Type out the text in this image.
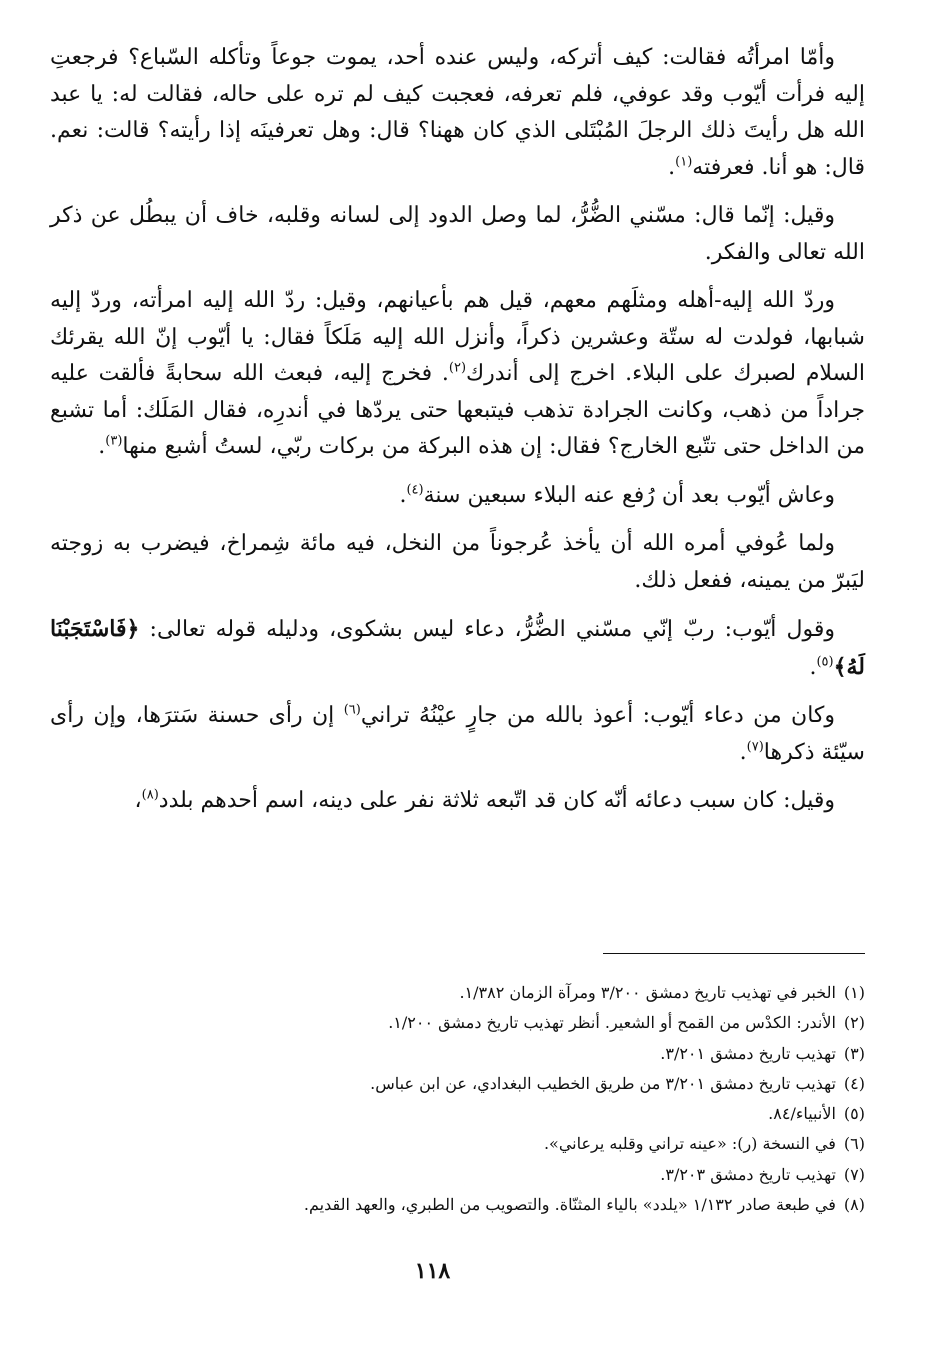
وأمّا امرأتُه فقالت: كيف أتركه، وليس عنده أحد، يموت جوعاً وتأكله السّباع؟ فرجعتِ إليه فرأت أيّوب وقد عوفي، فلم تعرفه، فعجبت كيف لم تره على حاله، فقالت له: يا عبد الله هل رأيتَ ذلك الرجلَ المُبْتَلى الذي كان ههنا؟ قال: وهل تعرفينَه إذا رأيته؟ قالت: نعم. قال: هو أنا. فعرفته$^{(١)}$.

وقيل: إنّما قال: مسّني الضُّرُّ، لما وصل الدود إلى لسانه وقلبه، خاف أن يبطُل عن ذكر الله تعالى والفكر.

وردّ الله إليه-أهله ومثلَهم معهم، قيل هم بأعيانهم، وقيل: ردّ الله إليه امرأته، وردّ إليه شبابها، فولدت له ستّة وعشرين ذكراً، وأنزل الله إليه مَلَكاً فقال: يا أيّوب إنّ الله يقرئك السلام لصبرك على البلاء. اخرج إلى أندرك$^{(٢)}$. فخرج إليه، فبعث الله سحابةً فألقت عليه جراداً من ذهب، وكانت الجرادة تذهب فيتبعها حتى يردّها في أندرِه، فقال المَلَك: أما تشبع من الداخل حتى تتّبع الخارج؟ فقال: إن هذه البركة من بركات ربّي، لستُ أشبع منها$^{(٣)}$.

وعاش أيّوب بعد أن رُفع عنه البلاء سبعين سنة$^{(٤)}$.

ولما عُوفي أمره الله أن يأخذ عُرجوناً من النخل، فيه مائة شِمراخ، فيضرب به زوجته ليَبرّ من يمينه، ففعل ذلك.

وقول أيّوب: ربّ إنّي مسّني الضُّرُّ، دعاء ليس بشكوى، ودليله قوله تعالى: ﴿فَاسْتَجَبْنَا لَهُ﴾$^{(٥)}$.

وكان من دعاء أيّوب: أعوذ بالله من جارٍ عيْنُهُ تراني$^{(٦)}$ إن رأى حسنة سَترَها، وإن رأى سيّئة ذكرها$^{(٧)}$.

وقيل: كان سبب دعائه أنّه كان قد اتّبعه ثلاثة نفر على دينه، اسم أحدهم بلدد$^{(٨)}$،

(١)الخبر في تهذيب تاريخ دمشق ٣/٢٠٠ ومرآة الزمان ١/٣٨٢.
(٢)الأندر: الكدْس من القمح أو الشعير. أنظر تهذيب تاريخ دمشق ١/٢٠٠.
(٣)تهذيب تاريخ دمشق ٣/٢٠١.
(٤)تهذيب تاريخ دمشق ٣/٢٠١ من طريق الخطيب البغدادي، عن ابن عباس.
(٥)الأنبياء/٨٤.
(٦)في النسخة (ر): «عينه تراني وقلبه يرعاني».
(٧)تهذيب تاريخ دمشق ٣/٢٠٣.
(٨)في طبعة صادر ١/١٣٢ «يلدد» بالياء المثنّاة. والتصويب من الطبري، والعهد القديم.
١١٨
